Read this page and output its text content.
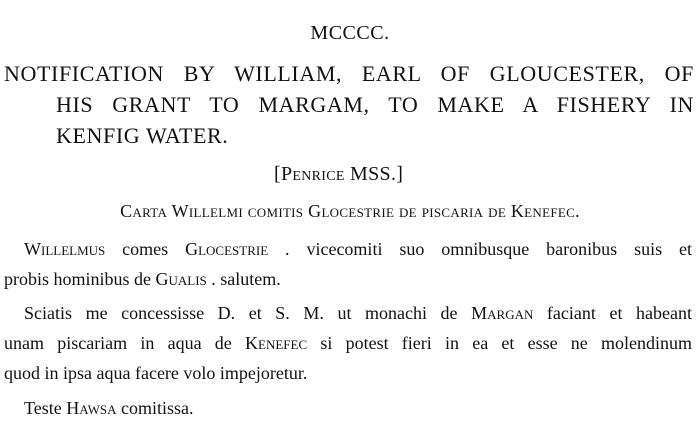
MCCCC.
NOTIFICATION BY WILLIAM, EARL OF GLOUCESTER, OF
HIS GRANT TO MARGAM, TO MAKE A FISHERY IN
KENFIG WATER.
[Penrice MSS.]
Carta Willelmi comitis Glocestrie de piscaria de Kenefec.
Willelmus comes Glocestrie . vicecomiti suo omnibusque baronibus suis et
probis hominibus de Gualis . salutem.
Sciatis me concessisse D. et S. M. ut monachi de Margan faciant et habeant
unam piscariam in aqua de Kenefec si potest fieri in ea et esse ne molendinum
quod in ipsa aqua facere volo impejoretur.
Teste Hawsa comitissa.
